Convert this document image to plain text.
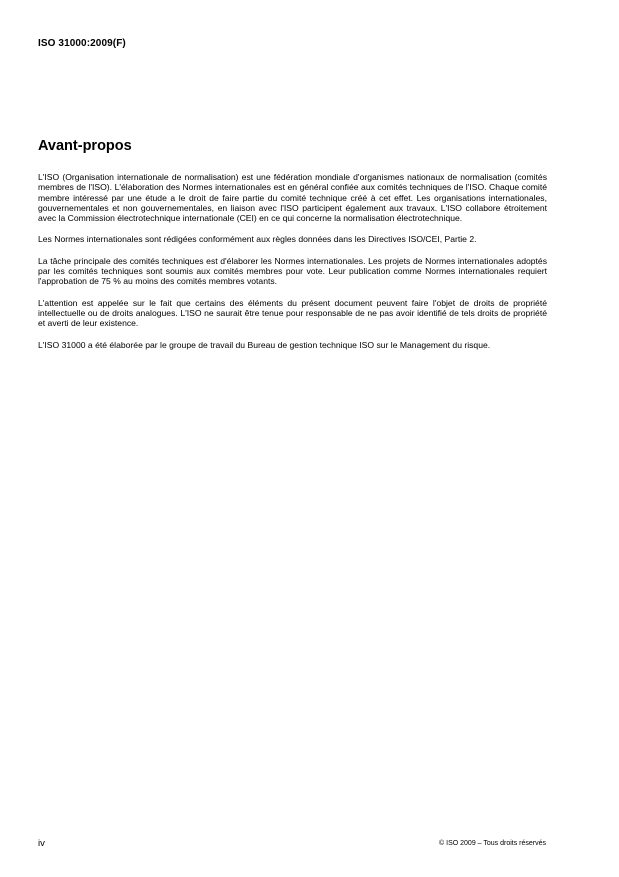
ISO 31000:2009(F)
Avant-propos

L'ISO (Organisation internationale de normalisation) est une fédération mondiale d'organismes nationaux de normalisation (comités membres de l'ISO). L'élaboration des Normes internationales est en général confiée aux comités techniques de l'ISO. Chaque comité membre intéressé par une étude a le droit de faire partie du comité technique créé à cet effet. Les organisations internationales, gouvernementales et non gouvernementales, en liaison avec l'ISO participent également aux travaux. L'ISO collabore étroitement avec la Commission électrotechnique internationale (CEI) en ce qui concerne la normalisation électrotechnique.

Les Normes internationales sont rédigées conformément aux règles données dans les Directives ISO/CEI, Partie 2.

La tâche principale des comités techniques est d'élaborer les Normes internationales. Les projets de Normes internationales adoptés par les comités techniques sont soumis aux comités membres pour vote. Leur publication comme Normes internationales requiert l'approbation de 75 % au moins des comités membres votants.

L'attention est appelée sur le fait que certains des éléments du présent document peuvent faire l'objet de droits de propriété intellectuelle ou de droits analogues. L'ISO ne saurait être tenue pour responsable de ne pas avoir identifié de tels droits de propriété et averti de leur existence.

L'ISO 31000 a été élaborée par le groupe de travail du Bureau de gestion technique ISO sur le Management du risque.

iv	© ISO 2009 – Tous droits réservés
